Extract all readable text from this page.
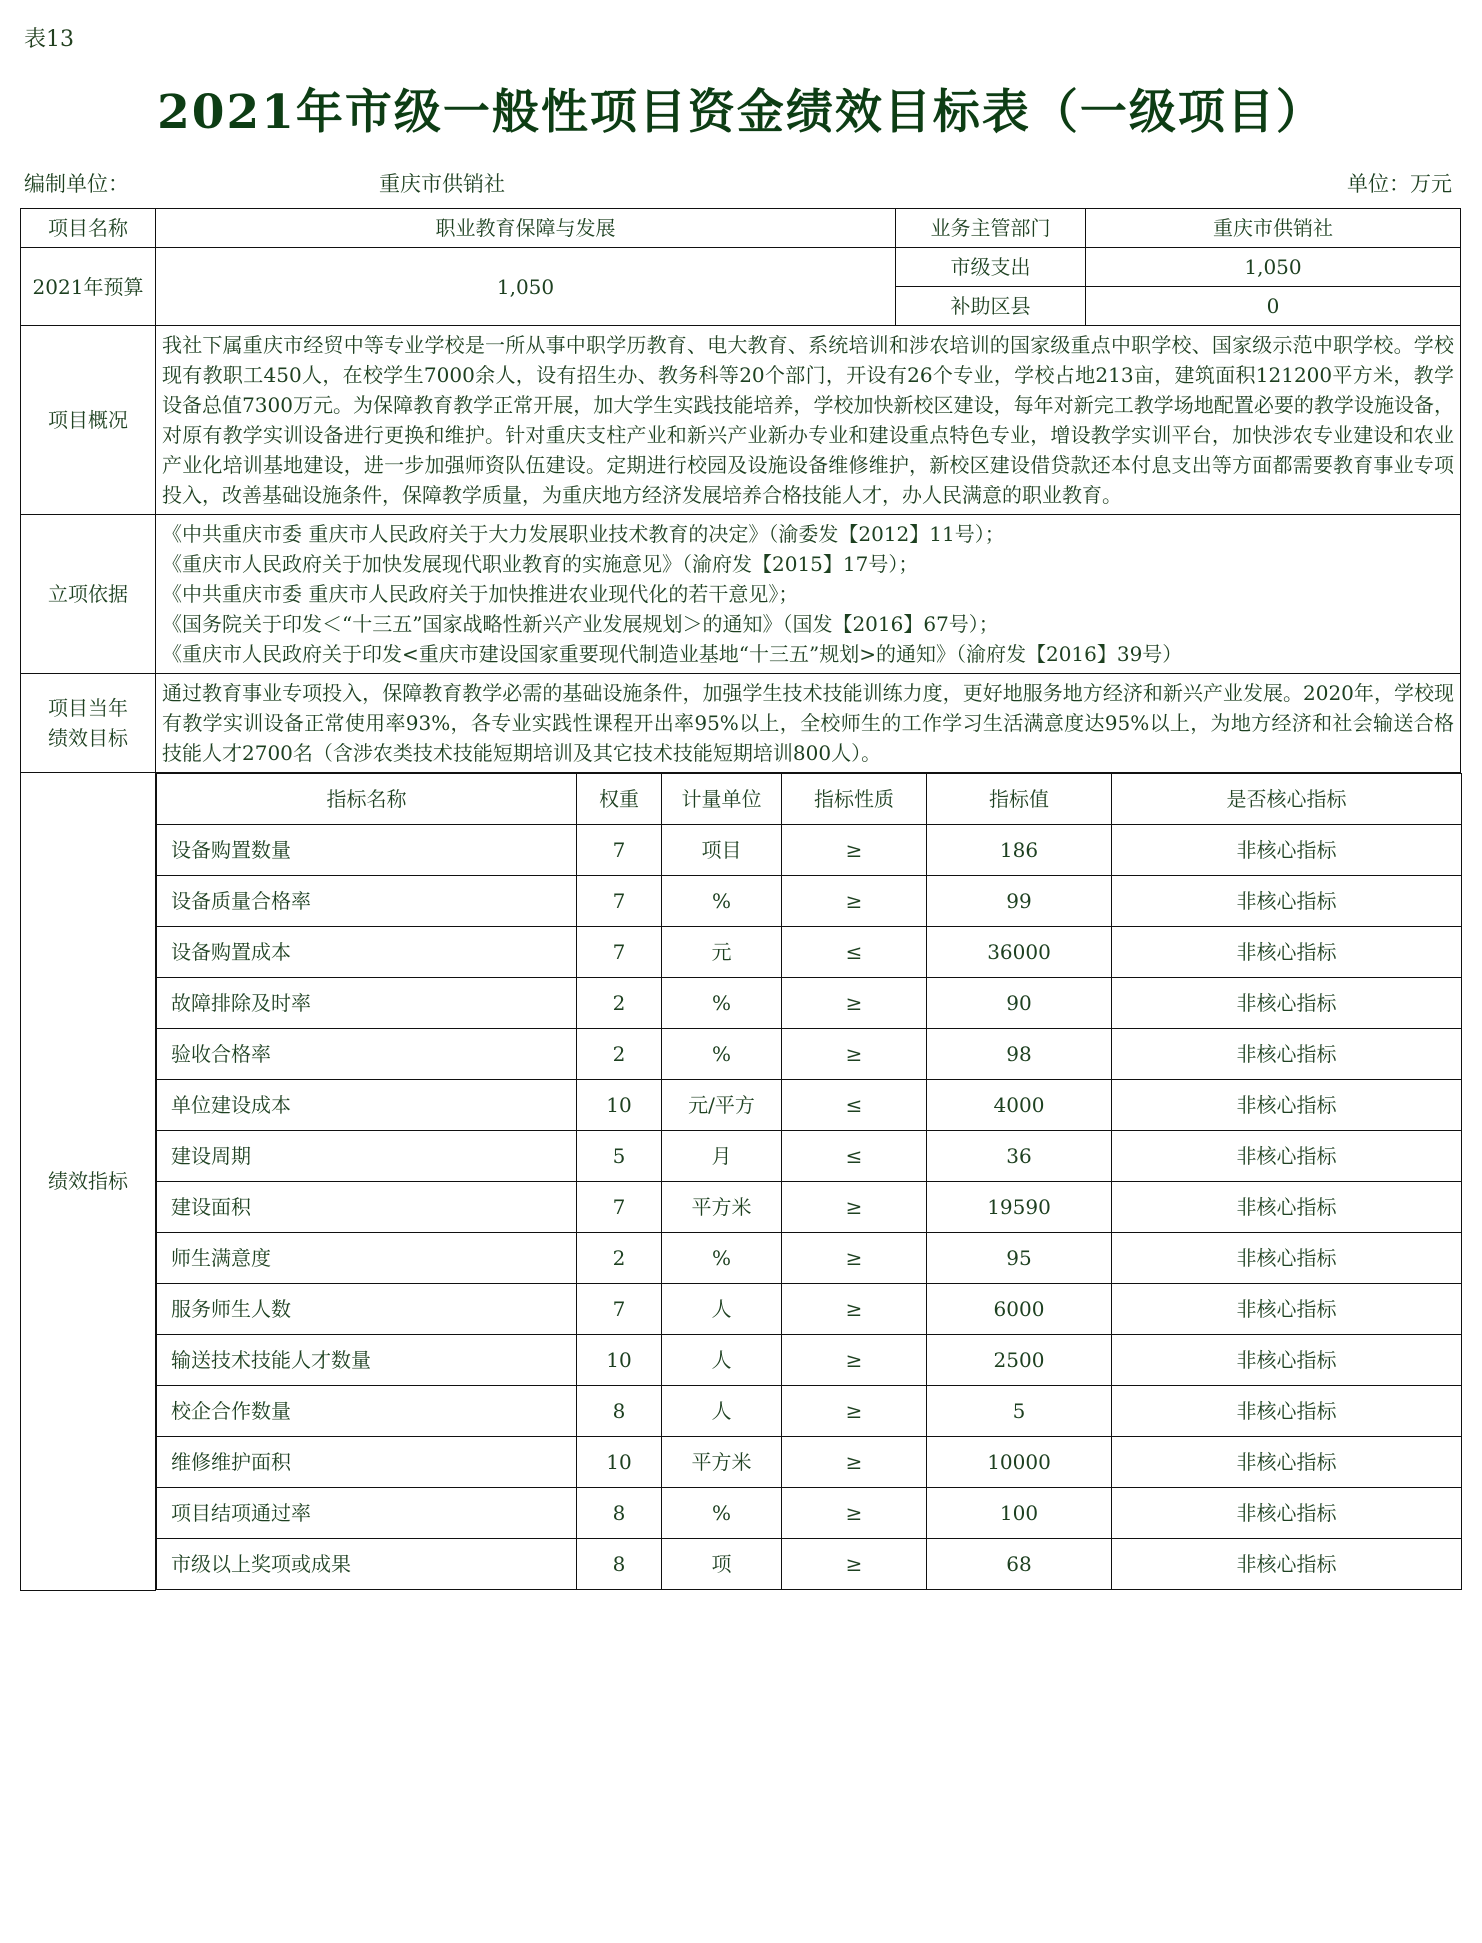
表13
2021年市级一般性项目资金绩效目标表（一级项目）
编制单位：	重庆市供销社	单位：万元
项目名称	职业教育保障与发展	业务主管部门	重庆市供销社
2021年预算	1,050	市级支出	1,050
补助区县	0
项目概况	

我社下属重庆市经贸中等专业学校是一所从事中职学历教育、电大教育、系统培训和涉农培训的国家级重点中职学校、国家级示范中职学校。学校现有教职工450人，在校学生7000余人，设有招生办、教务科等20个部门，开设有26个专业，学校占地213亩，建筑面积121200平方米，教学设备总值7300万元。为保障教育教学正常开展，加大学生实践技能培养，学校加快新校区建设，每年对新完工教学场地配置必要的教学设施设备，对原有教学实训设备进行更换和维护。针对重庆支柱产业和新兴产业新办专业和建设重点特色专业，增设教学实训平台，加快涉农专业建设和农业产业化培训基地建设，进一步加强师资队伍建设。定期进行校园及设施设备维修维护，新校区建设借贷款还本付息支出等方面都需要教育事业专项投入，改善基础设施条件，保障教学质量，为重庆地方经济发展培养合格技能人才，办人民满意的职业教育。

立项依据	
《中共重庆市委 重庆市人民政府关于大力发展职业技术教育的决定》（渝委发【2012】11号）；
《重庆市人民政府关于加快发展现代职业教育的实施意见》（渝府发【2015】17号）；
《中共重庆市委 重庆市人民政府关于加快推进农业现代化的若干意见》；
《国务院关于印发＜“十三五”国家战略性新兴产业发展规划＞的通知》（国发【2016】67号）；
《重庆市人民政府关于印发<重庆市建设国家重要现代制造业基地“十三五”规划>的通知》（渝府发【2016】39号）

项目当年
绩效目标

通过教育事业专项投入，保障教育教学必需的基础设施条件，加强学生技术技能训练力度，更好地服务地方经济和新兴产业发展。2020年，学校现有教学实训设备正常使用率93%，各专业实践性课程开出率95%以上，全校师生的工作学习生活满意度达95%以上，为地方经济和社会输送合格技能人才2700名（含涉农类技术技能短期培训及其它技术技能短期培训800人）。

绩效指标	
指标名称	权重	计量单位	指标性质	指标值	是否核心指标
设备购置数量	7	项目	≥	186	非核心指标
设备质量合格率	7	%	≥	99	非核心指标
设备购置成本	7	元	≤	36000	非核心指标
故障排除及时率	2	%	≥	90	非核心指标
验收合格率	2	%	≥	98	非核心指标
单位建设成本	10	元/平方	≤	4000	非核心指标
建设周期	5	月	≤	36	非核心指标
建设面积	7	平方米	≥	19590	非核心指标
师生满意度	2	%	≥	95	非核心指标
服务师生人数	7	人	≥	6000	非核心指标
输送技术技能人才数量	10	人	≥	2500	非核心指标
校企合作数量	8	人	≥	5	非核心指标
维修维护面积	10	平方米	≥	10000	非核心指标
项目结项通过率	8	%	≥	100	非核心指标
市级以上奖项或成果	8	项	≥	68	非核心指标
